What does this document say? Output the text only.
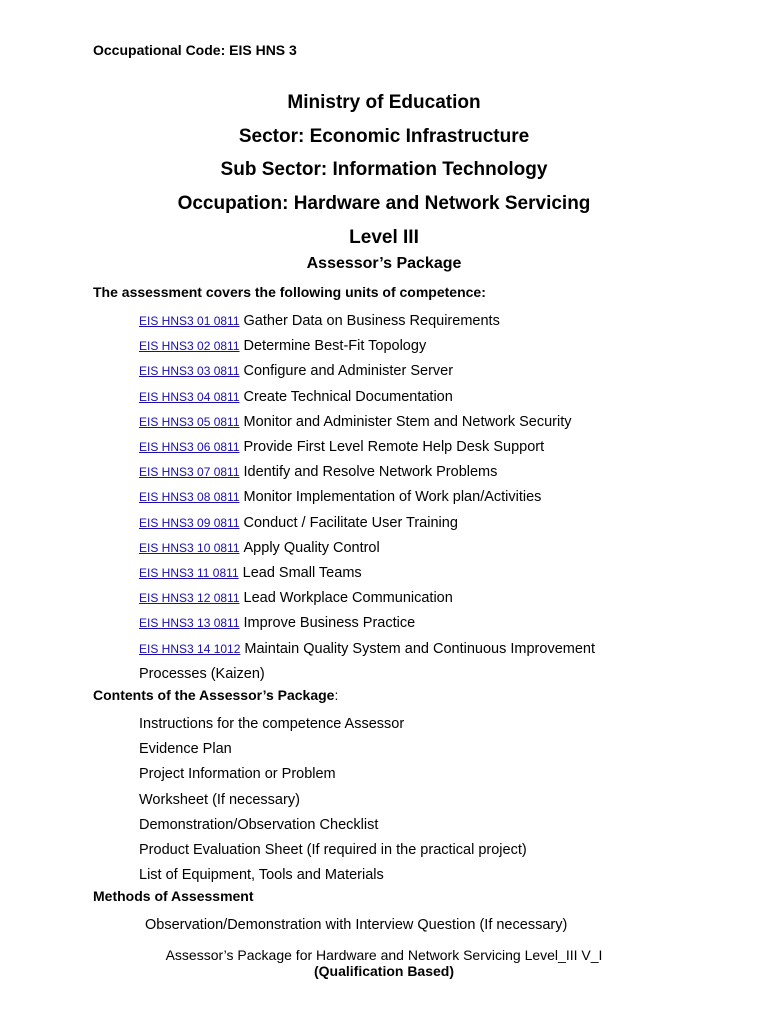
Occupational Code: EIS HNS 3
Ministry of Education
Sector: Economic Infrastructure
Sub Sector: Information Technology
Occupation: Hardware and Network Servicing
Level III
Assessor’s Package
The assessment covers the following units of competence:
EIS HNS3 01 0811 Gather Data on Business Requirements
EIS HNS3 02 0811 Determine Best-Fit Topology
EIS HNS3 03 0811 Configure and Administer Server
EIS HNS3 04 0811 Create Technical Documentation
EIS HNS3 05 0811 Monitor and Administer Stem and Network Security
EIS HNS3 06 0811 Provide First Level Remote Help Desk Support
EIS HNS3 07 0811 Identify and Resolve Network Problems
EIS HNS3 08 0811 Monitor Implementation of Work plan/Activities
EIS HNS3 09 0811 Conduct / Facilitate User Training
EIS HNS3 10 0811 Apply Quality Control
EIS HNS3 11 0811 Lead Small Teams
EIS HNS3 12 0811 Lead Workplace Communication
EIS HNS3 13 0811 Improve Business Practice
EIS HNS3 14 1012 Maintain Quality System and Continuous Improvement
Processes (Kaizen)
Contents of the Assessor’s Package:
Instructions for the competence Assessor
Evidence Plan
Project Information or Problem
Worksheet (If necessary)
Demonstration/Observation Checklist
Product Evaluation Sheet (If required in the practical project)
List of Equipment, Tools and Materials
Methods of Assessment
Observation/Demonstration with Interview Question (If necessary)
Assessor’s Package for Hardware and Network Servicing Level_III V_I
(Qualification Based)
